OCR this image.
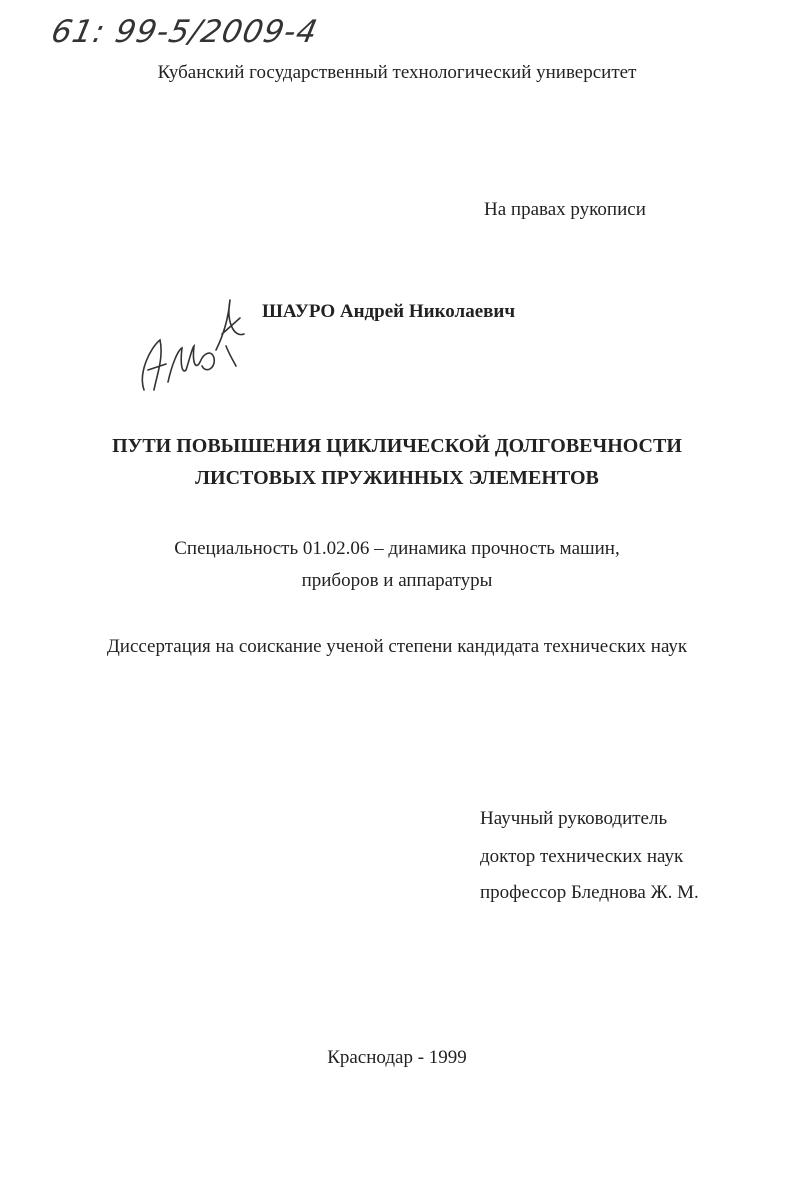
61: 99-5/2009-4
Кубанский государственный технологический университет
На правах рукописи
ШАУРО Андрей Николаевич
ПУТИ ПОВЫШЕНИЯ ЦИКЛИЧЕСКОЙ ДОЛГОВЕЧНОСТИ
ЛИСТОВЫХ ПРУЖИННЫХ ЭЛЕМЕНТОВ
Специальность 01.02.06 – динамика прочность машин,
приборов и аппаратуры
Диссертация на соискание ученой степени кандидата технических наук
Научный руководитель
доктор технических наук
профессор Бледнова Ж. М.
Краснодар - 1999
